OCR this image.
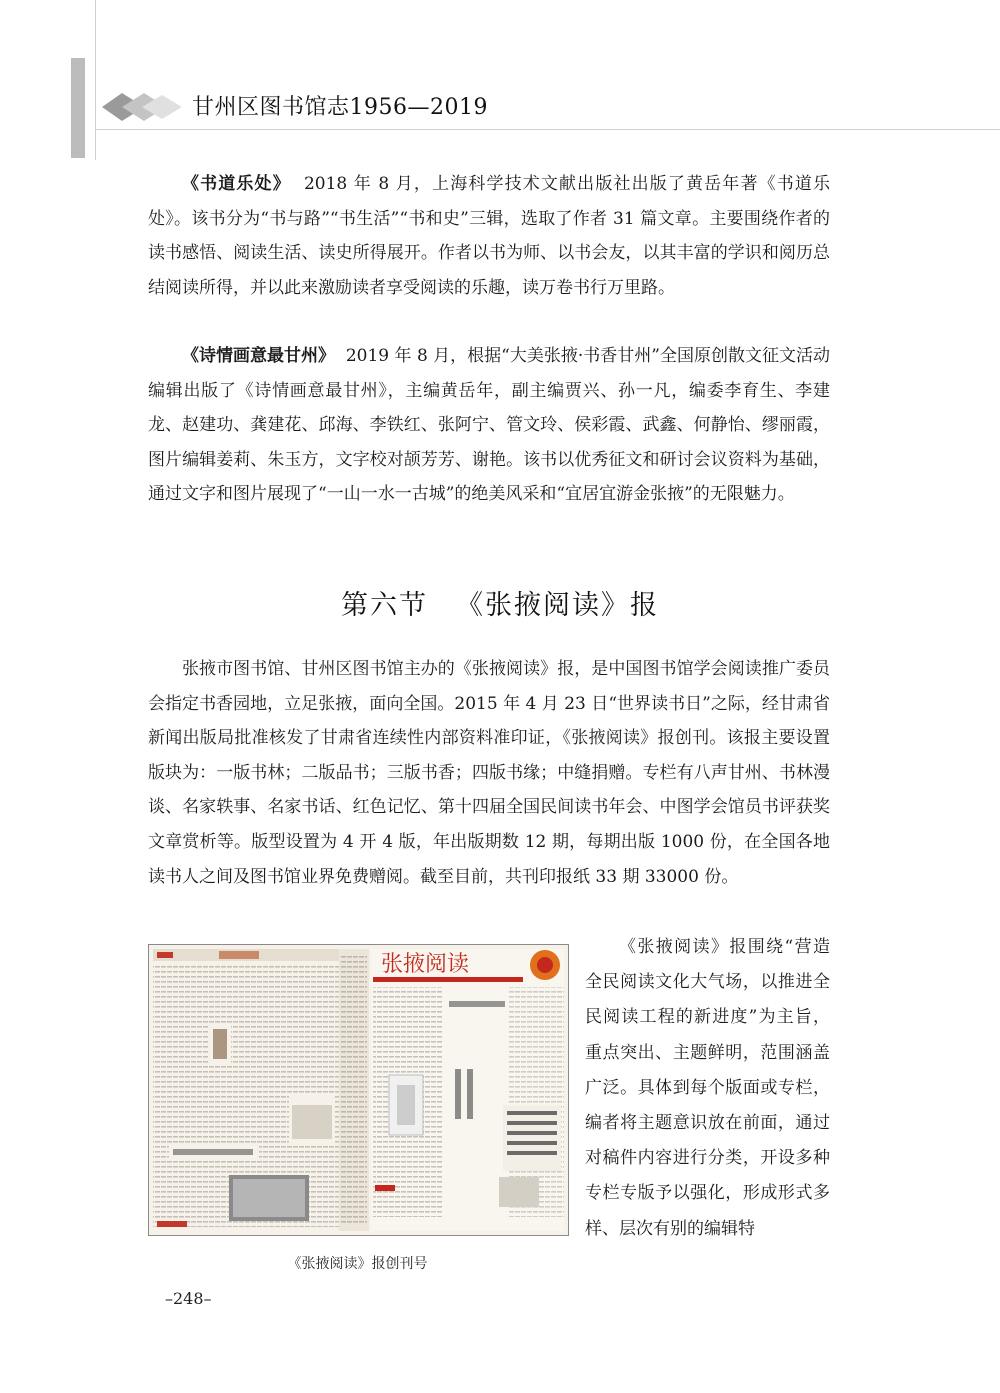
甘州区图书馆志1956—2019

《书道乐处》 2018 年 8 月，上海科学技术文献出版社出版了黄岳年著《书道乐处》。该书分为“书与路”“书生活”“书和史”三辑，选取了作者 31 篇文章。主要围绕作者的读书感悟、阅读生活、读史所得展开。作者以书为师、以书会友，以其丰富的学识和阅历总结阅读所得，并以此来激励读者享受阅读的乐趣，读万卷书行万里路。

《诗情画意最甘州》 2019 年 8 月，根据“大美张掖·书香甘州”全国原创散文征文活动编辑出版了《诗情画意最甘州》，主编黄岳年，副主编贾兴、孙一凡，编委李育生、李建龙、赵建功、龚建花、邱海、李铁红、张阿宁、管文玲、侯彩霞、武鑫、何静怡、缪丽霞，图片编辑姜莉、朱玉方，文字校对颉芳芳、谢艳。该书以优秀征文和研讨会议资料为基础，通过文字和图片展现了“一山一水一古城”的绝美风采和“宜居宜游金张掖”的无限魅力。

第六节 《张掖阅读》报

张掖市图书馆、甘州区图书馆主办的《张掖阅读》报，是中国图书馆学会阅读推广委员会指定书香园地，立足张掖，面向全国。2015 年 4 月 23 日“世界读书日”之际，经甘肃省新闻出版局批准核发了甘肃省连续性内部资料准印证，《张掖阅读》报创刊。该报主要设置版块为：一版书林；二版品书；三版书香；四版书缘；中缝捐赠。专栏有八声甘州、书林漫谈、名家轶事、名家书话、红色记忆、第十四届全国民间读书年会、中图学会馆员书评获奖文章赏析等。版型设置为 4 开 4 版，年出版期数 12 期，每期出版 1000 份，在全国各地读书人之间及图书馆业界免费赠阅。截至目前，共刊印报纸 33 期 33000 份。

张掖阅读
《张掖阅读》报创刊号

《张掖阅读》报围绕“营造全民阅读文化大气场，以推进全民阅读工程的新进度”为主旨，重点突出、主题鲜明，范围涵盖广泛。具体到每个版面或专栏，编者将主题意识放在前面，通过对稿件内容进行分类，开设多种专栏专版予以强化，形成形式多样、层次有别的编辑特

–248–
